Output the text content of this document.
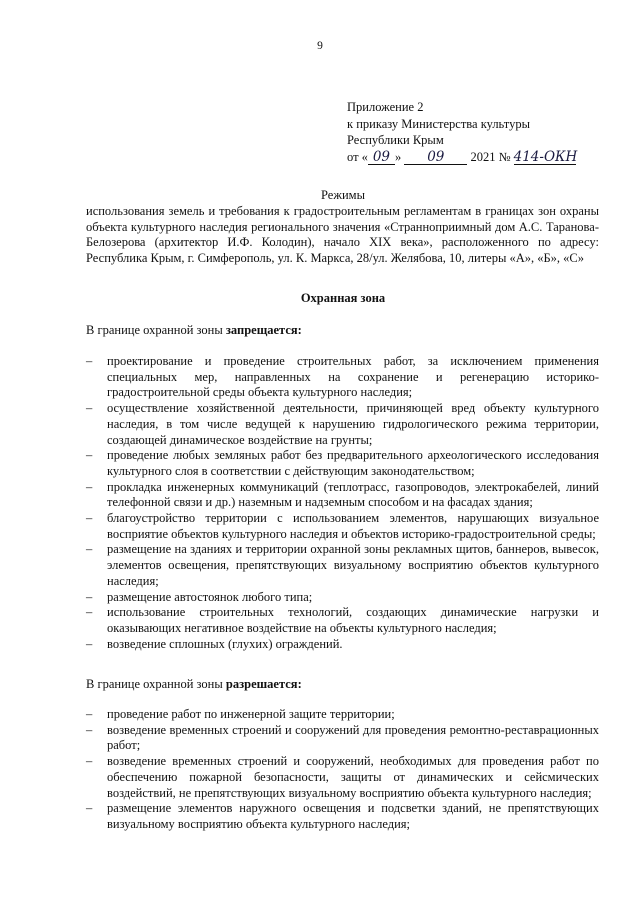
9
Приложение 2
к приказу Министерства культуры
Республики Крым
от « 09 » 09 2021 № 414-ОКН
Режимы
использования земель и требования к градостроительным регламентам в границах зон охраны объекта культурного наследия регионального значения «Странноприимный дом А.С. Таранова-Белозерова (архитектор И.Ф. Колодин), начало XIX века», расположенного по адресу: Республика Крым, г. Симферополь, ул. К. Маркса, 28/ул. Желябова, 10, литеры «А», «Б», «С»
Охранная зона
В границе охранной зоны запрещается:
– проектирование и проведение строительных работ, за исключением применения специальных мер, направленных на сохранение и регенерацию историко-градостроительной среды объекта культурного наследия;
– осуществление хозяйственной деятельности, причиняющей вред объекту культурного наследия, в том числе ведущей к нарушению гидрологического режима территории, создающей динамическое воздействие на грунты;
– проведение любых земляных работ без предварительного археологического исследования культурного слоя в соответствии с действующим законодательством;
– прокладка инженерных коммуникаций (теплотрасс, газопроводов, электрокабелей, линий телефонной связи и др.) наземным и надземным способом и на фасадах здания;
– благоустройство территории с использованием элементов, нарушающих визуальное восприятие объектов культурного наследия и объектов историко-градостроительной среды;
– размещение на зданиях и территории охранной зоны рекламных щитов, баннеров, вывесок, элементов освещения, препятствующих визуальному восприятию объектов культурного наследия;
– размещение автостоянок любого типа;
– использование строительных технологий, создающих динамические нагрузки и оказывающих негативное воздействие на объекты культурного наследия;
– возведение сплошных (глухих) ограждений.
В границе охранной зоны разрешается:
– проведение работ по инженерной защите территории;
– возведение временных строений и сооружений для проведения ремонтно-реставрационных работ;
– возведение временных строений и сооружений, необходимых для проведения работ по обеспечению пожарной безопасности, защиты от динамических и сейсмических воздействий, не препятствующих визуальному восприятию объекта культурного наследия;
– размещение элементов наружного освещения и подсветки зданий, не препятствующих визуальному восприятию объекта культурного наследия;
